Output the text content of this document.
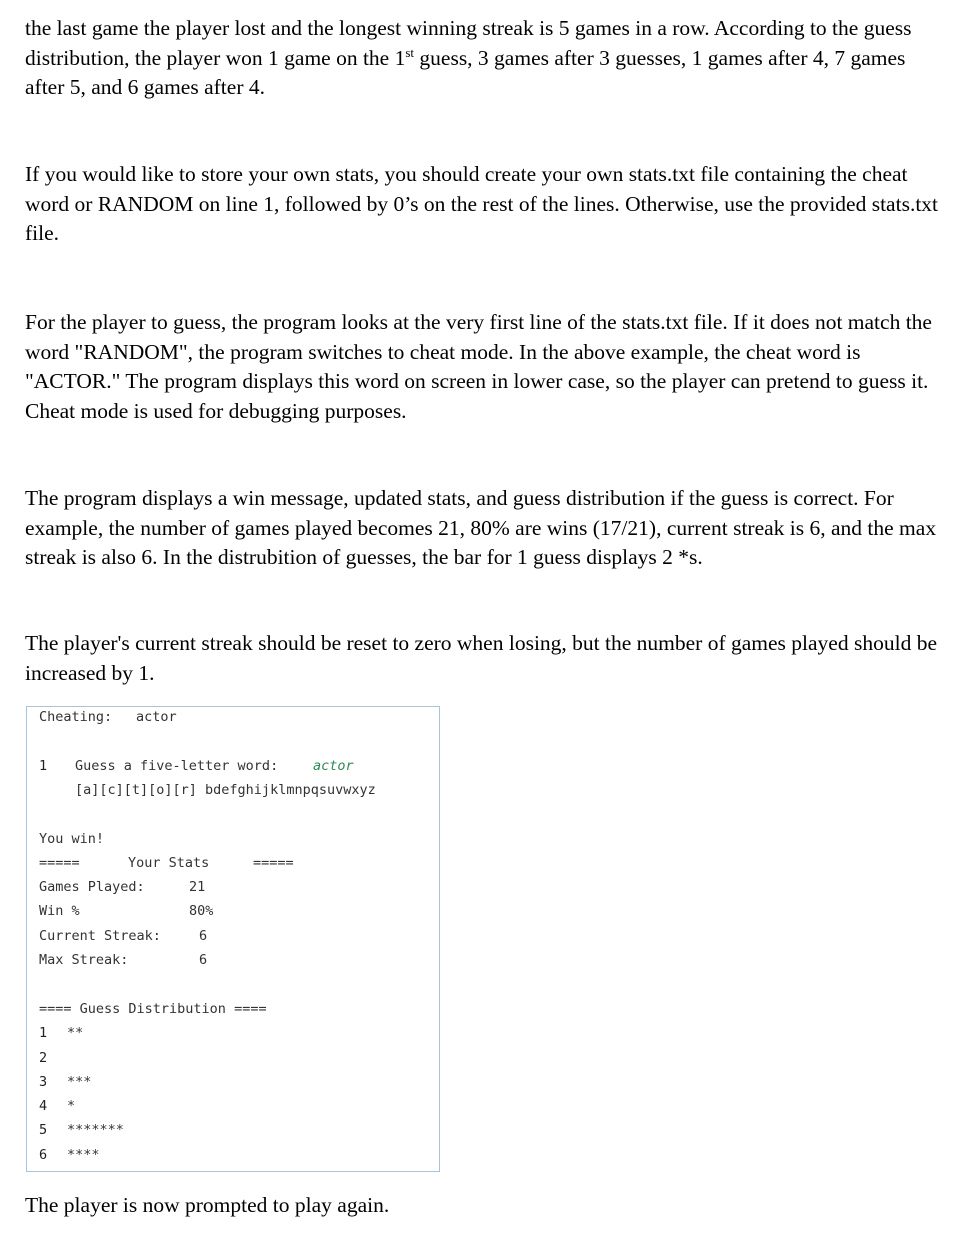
the last game the player lost and the longest winning streak is 5 games in a row. According to the guess distribution, the player won 1 game on the 1st guess, 3 games after 3 guesses, 1 games after 4, 7 games after 5, and 6 games after 4.

If you would like to store your own stats, you should create your own stats.txt file containing the cheat word or RANDOM on line 1, followed by 0’s on the rest of the lines. Otherwise, use the provided stats.txt file.

For the player to guess, the program looks at the very first line of the stats.txt file. If it does not match the word "RANDOM", the program switches to cheat mode. In the above example, the cheat word is "ACTOR." The program displays this word on screen in lower case, so the player can pretend to guess it. Cheat mode is used for debugging purposes.

The program displays a win message, updated stats, and guess distribution if the guess is correct. For example, the number of games played becomes 21, 80% are wins (17/21), current streak is 6, and the max streak is also 6. In the distrubition of guesses, the bar for 1 guess displays 2 *s.

The player's current streak should be reset to zero when losing, but the number of games played should be increased by 1.

Cheating: actor
1 Guess a five-letter word:	actor
[a][c][t][o][r] bdefghijklmnpqsuvwxyz
You win!
=====	Your Stats	=====
Games Played:	21
Win %	80%
Current Streak:	6
Max Streak:	6
==== Guess Distribution ====
1 **
2
3 ***
4 *
5 *******
6 ****

The player is now prompted to play again.
